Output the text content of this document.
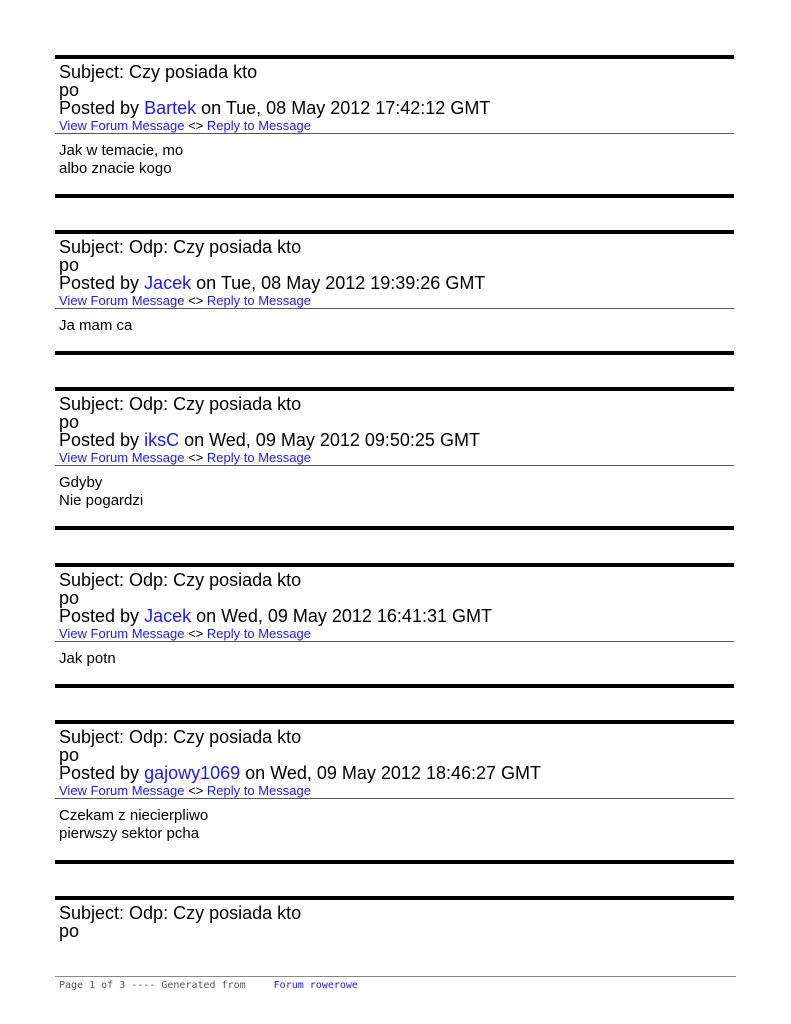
Subject: Czy posiada kto
po
Posted by Bartek on Tue, 08 May 2012 17:42:12 GMT
View Forum Message <> Reply to Message
Jak w temacie, mo
albo znacie kogo
Subject: Odp: Czy posiada kto
po
Posted by Jacek on Tue, 08 May 2012 19:39:26 GMT
View Forum Message <> Reply to Message
Ja mam ca
Subject: Odp: Czy posiada kto
po
Posted by iksC on Wed, 09 May 2012 09:50:25 GMT
View Forum Message <> Reply to Message
Gdyby
Nie pogardzi
Subject: Odp: Czy posiada kto
po
Posted by Jacek on Wed, 09 May 2012 16:41:31 GMT
View Forum Message <> Reply to Message
Jak potn
Subject: Odp: Czy posiada kto
po
Posted by gajowy1069 on Wed, 09 May 2012 18:46:27 GMT
View Forum Message <> Reply to Message
Czekam z niecierpliwo
pierwszy sektor pcha
Subject: Odp: Czy posiada kto
po
Page 1 of 3 ---- Generated from	Forum rowerowe
